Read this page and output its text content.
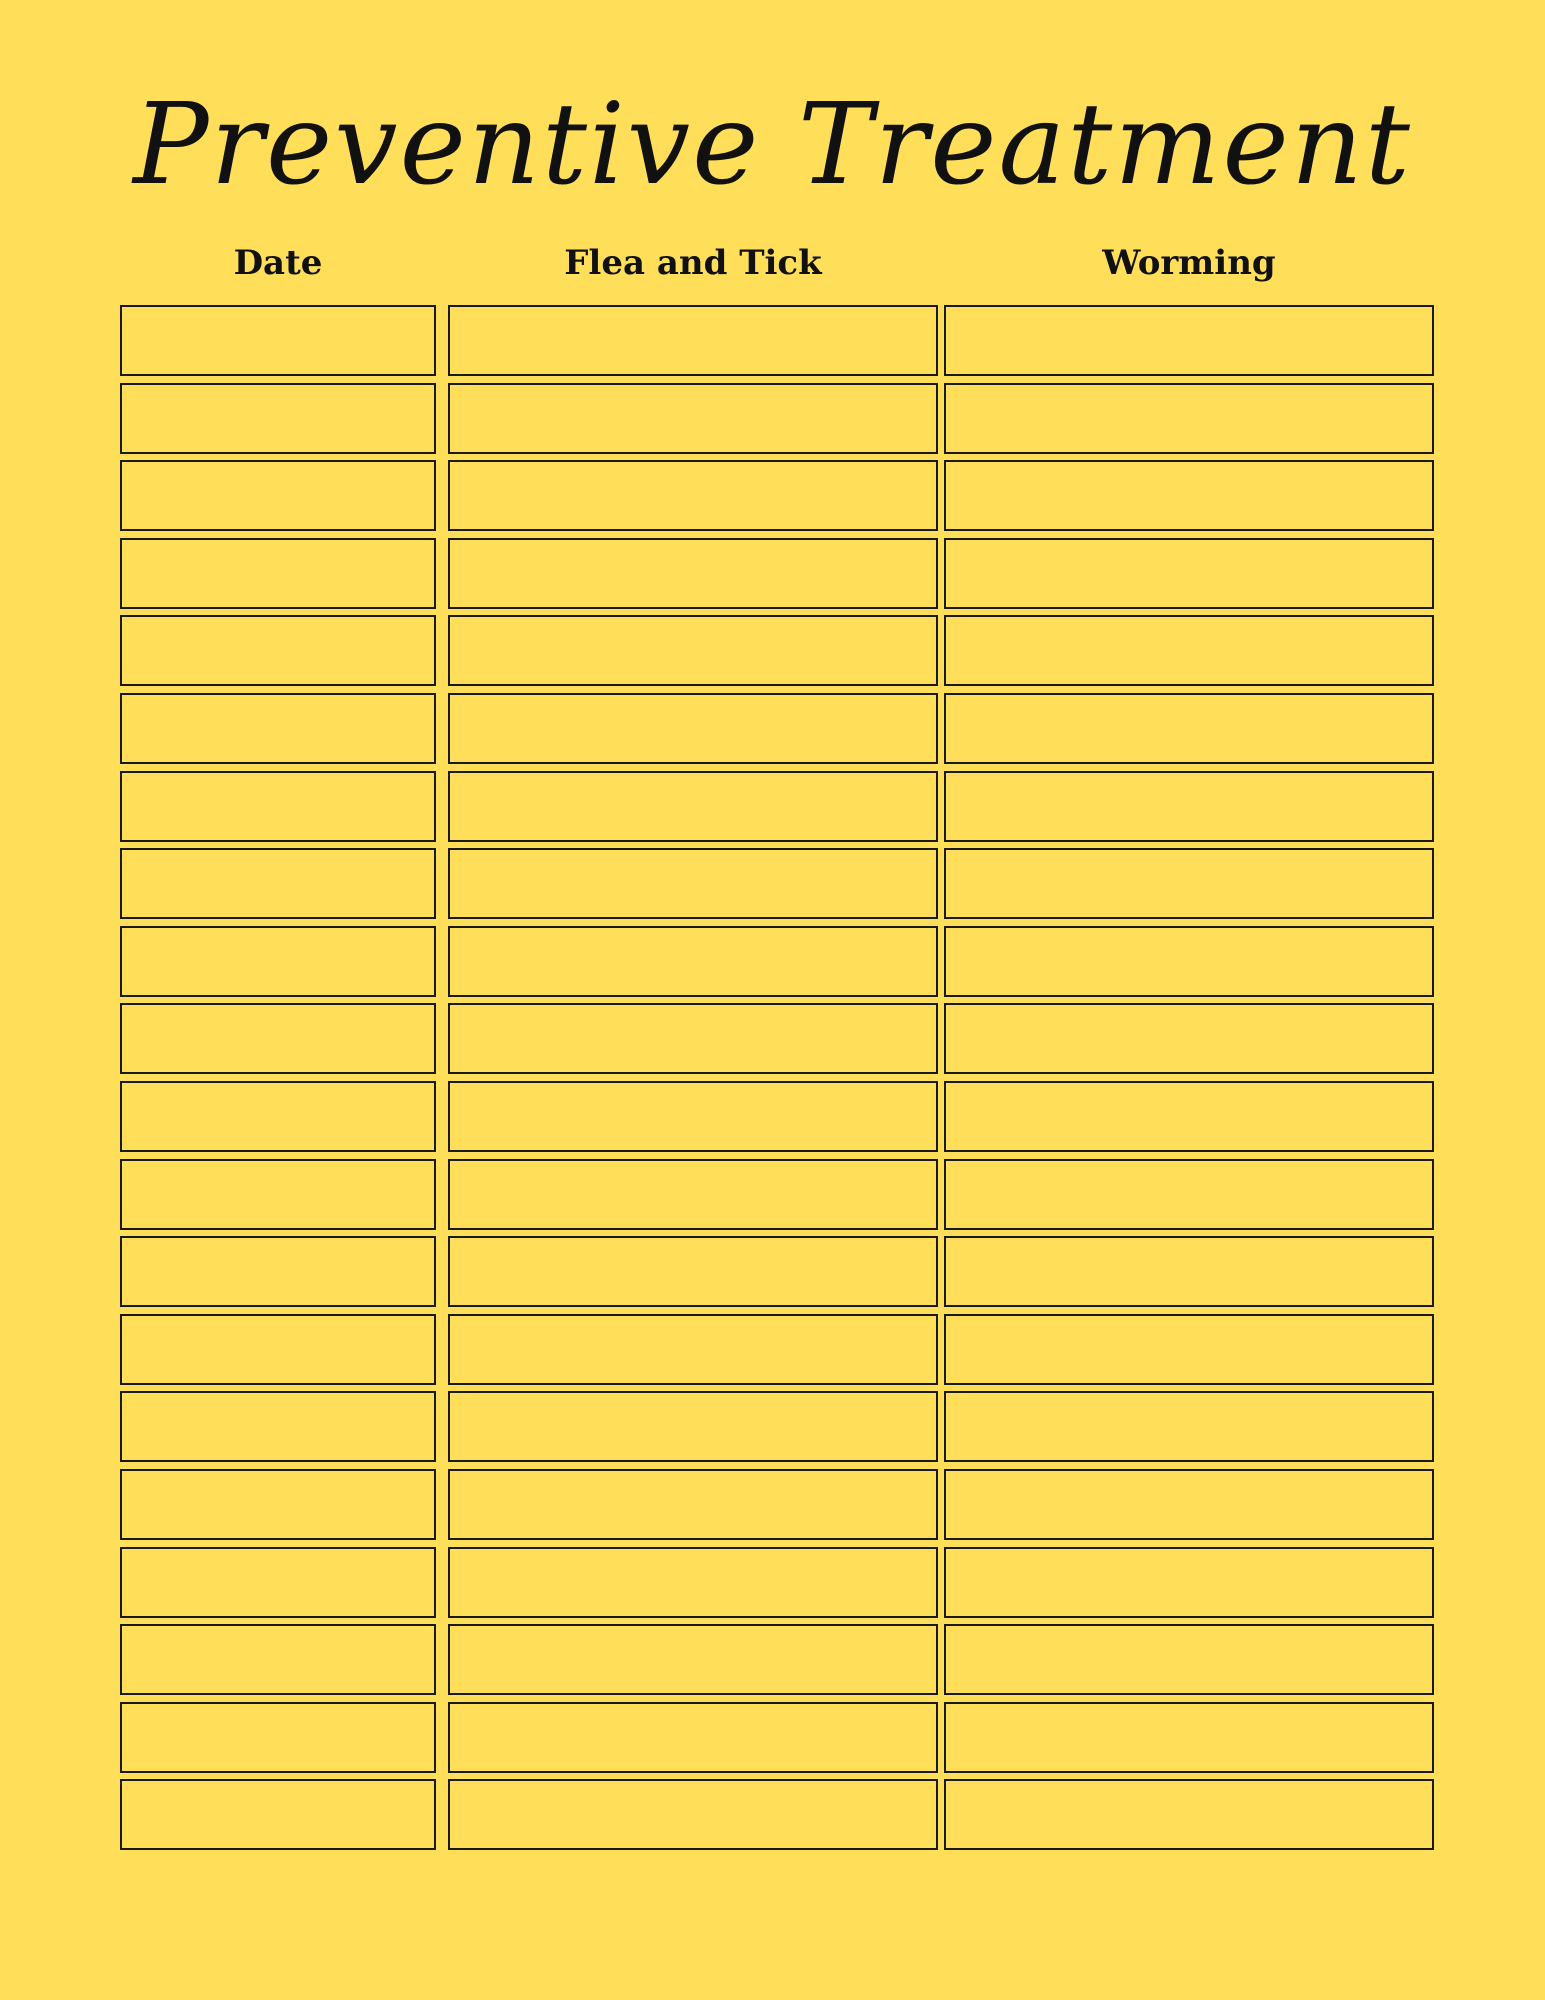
Preventive Treatment
Date	Flea and Tick	Worming
